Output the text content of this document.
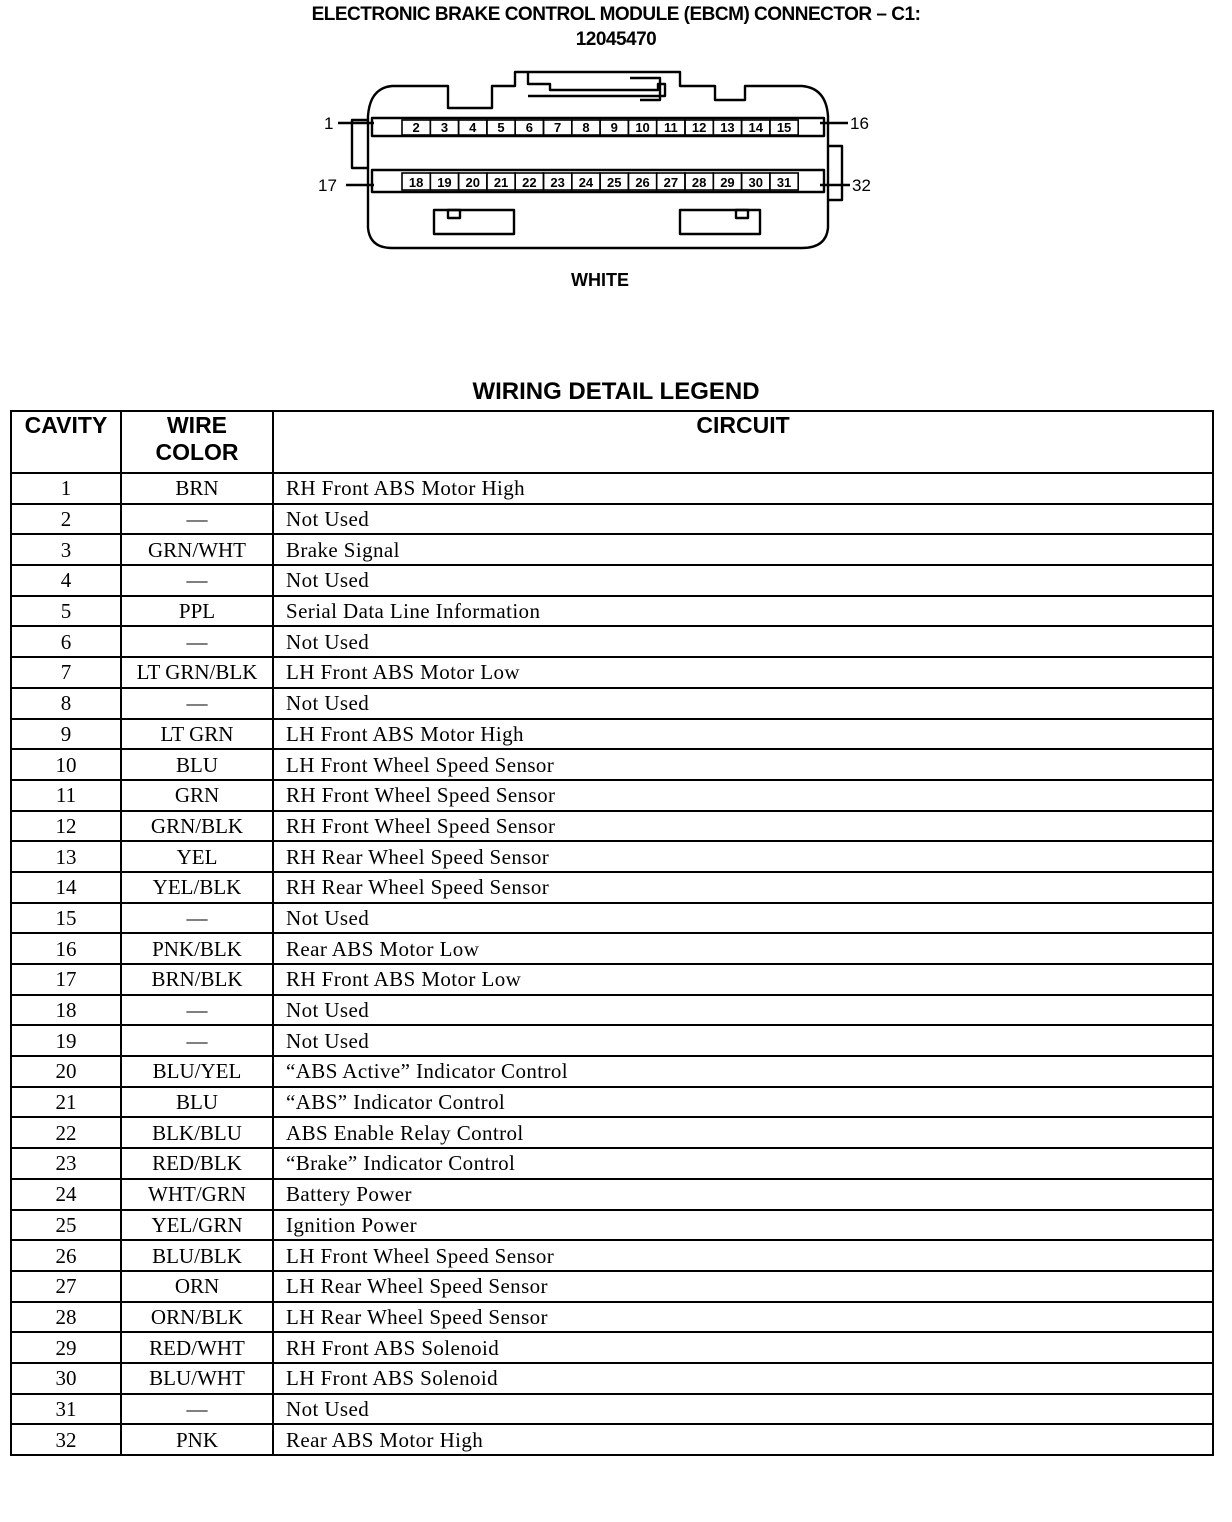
ELECTRONIC BRAKE CONTROL MODULE (EBCM) CONNECTOR – C1:
12045470
2 3 4 5 6 7 8 9 10 11 12 13 14 15
18 19 20 21 22 23 24 25 26 27 28 29 30 31
1	16
17	32
WHITE
WIRING DETAIL LEGEND
CAVITY	WIRE COLOR	CIRCUIT
1	BRN	RH Front ABS Motor High
2	—	Not Used
3	GRN/WHT	Brake Signal
4	—	Not Used
5	PPL	Serial Data Line Information
6	—	Not Used
7	LT GRN/BLK	LH Front ABS Motor Low
8	—	Not Used
9	LT GRN	LH Front ABS Motor High
10	BLU	LH Front Wheel Speed Sensor
11	GRN	RH Front Wheel Speed Sensor
12	GRN/BLK	RH Front Wheel Speed Sensor
13	YEL	RH Rear Wheel Speed Sensor
14	YEL/BLK	RH Rear Wheel Speed Sensor
15	—	Not Used
16	PNK/BLK	Rear ABS Motor Low
17	BRN/BLK	RH Front ABS Motor Low
18	—	Not Used
19	—	Not Used
20	BLU/YEL	“ABS Active” Indicator Control
21	BLU	“ABS” Indicator Control
22	BLK/BLU	ABS Enable Relay Control
23	RED/BLK	“Brake” Indicator Control
24	WHT/GRN	Battery Power
25	YEL/GRN	Ignition Power
26	BLU/BLK	LH Front Wheel Speed Sensor
27	ORN	LH Rear Wheel Speed Sensor
28	ORN/BLK	LH Rear Wheel Speed Sensor
29	RED/WHT	RH Front ABS Solenoid
30	BLU/WHT	LH Front ABS Solenoid
31	—	Not Used
32	PNK	Rear ABS Motor High
